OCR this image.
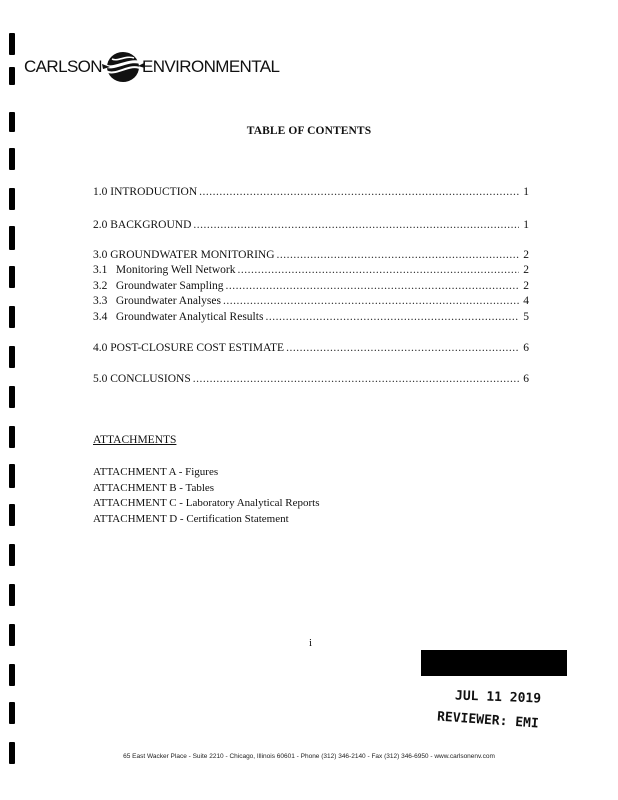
CARLSON ENVIRONMENTAL
TABLE OF CONTENTS
1.0
INTRODUCTION .....	1
2.0
BACKGROUND .....	1
3.0
GROUNDWATER MONITORING .....	2
3.1
Monitoring Well Network .....	2
3.2
Groundwater Sampling .....	2
3.3
Groundwater Analyses .....	4
3.4
Groundwater Analytical Results .....	5
4.0
POST-CLOSURE COST ESTIMATE .....	6
5.0
CONCLUSIONS .....	6
ATTACHMENTS
ATTACHMENT A - Figures
ATTACHMENT B - Tables
ATTACHMENT C - Laboratory Analytical Reports
ATTACHMENT D - Certification Statement
i
JUL 11 2019
REVIEWER: EMI
65 East Wacker Place - Suite 2210 - Chicago, Illinois 60601 - Phone (312) 346-2140 - Fax (312) 346-6950 - www.carlsonenv.com
